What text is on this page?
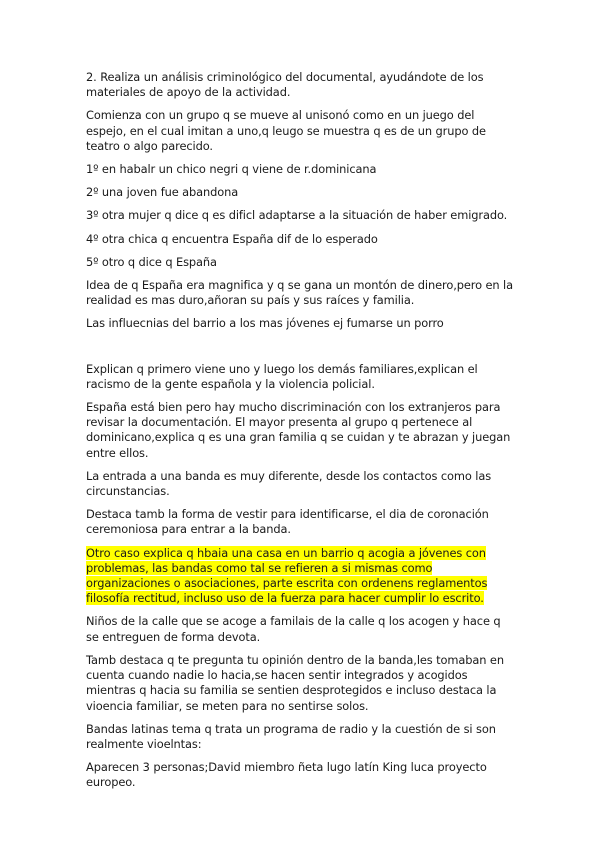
2. Realiza un análisis criminológico del documental, ayudándote de los materiales de apoyo de la actividad.

Comienza con un grupo q se mueve al unisonó como en un juego del espejo, en el cual imitan a uno,q leugo se muestra q es de un grupo de teatro o algo parecido.

1º en habalr un chico negri q viene de r.dominicana

2º una joven fue abandona

3º otra mujer q dice q es dificl adaptarse a la situación de haber emigrado.

4º otra chica q encuentra España dif de lo esperado

5º otro q dice q España

Idea de q España era magnifica y q se gana un montón de dinero,pero en la realidad es mas duro,añoran su país y sus raíces y familia.

Las influecnias del barrio a los mas jóvenes ej fumarse un porro

Explican q primero viene uno y luego los demás familiares,explican el racismo de la gente española y la violencia policial.

España está bien pero hay mucho discriminación con los extranjeros para revisar la documentación. El mayor presenta al grupo q pertenece al dominicano,explica q es una gran familia q se cuidan y te abrazan y juegan entre ellos.

La entrada a una banda es muy diferente, desde los contactos como las circunstancias.

Destaca tamb la forma de vestir para identificarse, el dia de coronación ceremoniosa para entrar a la banda.

Otro caso explica q hbaia una casa en un barrio q acogia a jóvenes con problemas, las bandas como tal se refieren a si mismas como organizaciones o asociaciones, parte escrita con ordenens reglamentos filosofía rectitud, incluso uso de la fuerza para hacer cumplir lo escrito.

Niños de la calle que se acoge a familais de la calle q los acogen y hace q se entreguen de forma devota.

Tamb destaca q te pregunta tu opinión dentro de la banda,les tomaban en cuenta cuando nadie lo hacia,se hacen sentir integrados y acogidos mientras q hacia su familia se sentien desprotegidos e incluso destaca la vioencia familiar, se meten para no sentirse solos.

Bandas latinas tema q trata un programa de radio y la cuestión de si son realmente vioelntas:

Aparecen 3 personas;David miembro ñeta lugo latín King luca proyecto europeo.
